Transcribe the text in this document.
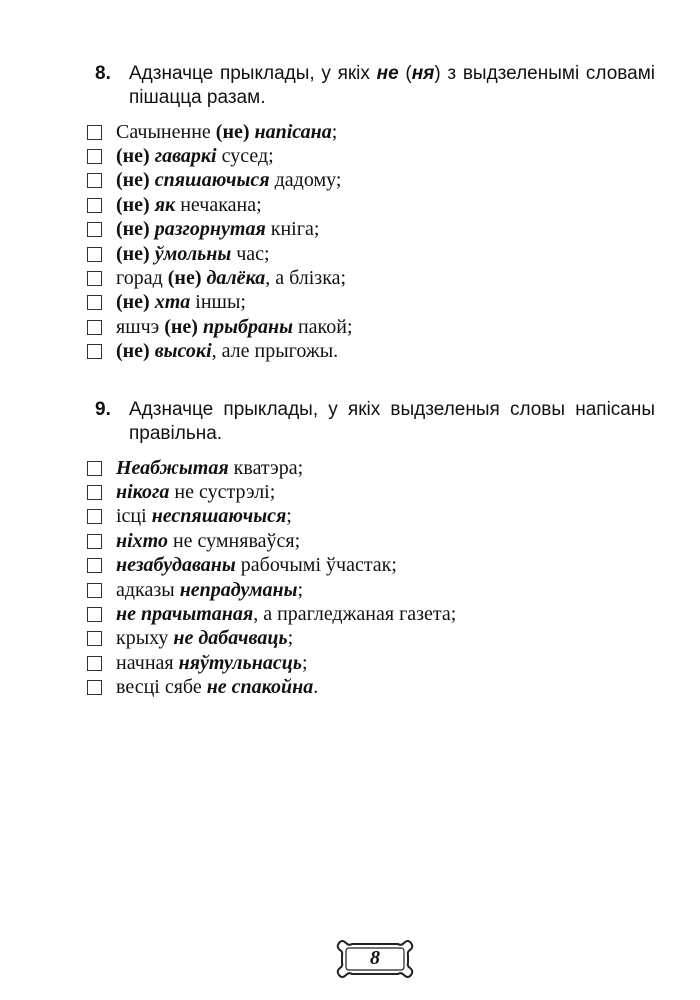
8. Адзначце прыклады, у якіх не (ня) з выдзеленымі словамі пішацца разам.
Сачыненне (не) напісана;
(не) гаваркі сусед;
(не) спяшаючыся дадому;
(не) як нечакана;
(не) разгорнутая кніга;
(не) ўмольны час;
горад (не) далёка, а блізка;
(не) хта іншы;
яшчэ (не) прыбраны пакой;
(не) высокі, але прыгожы.
9. Адзначце прыклады, у якіх выдзеленыя словы напісаны правільна.
Неабжытая кватэра;
нікога не сустрэлі;
ісці неспяшаючыся;
ніхто не сумняваўся;
незабудаваны рабочымі ўчастак;
адказы непрадуманы;
не прачытаная, а прагледжаная газета;
крыху не дабачваць;
начная няўтульнасць;
весці сябе не спакойна.
8
